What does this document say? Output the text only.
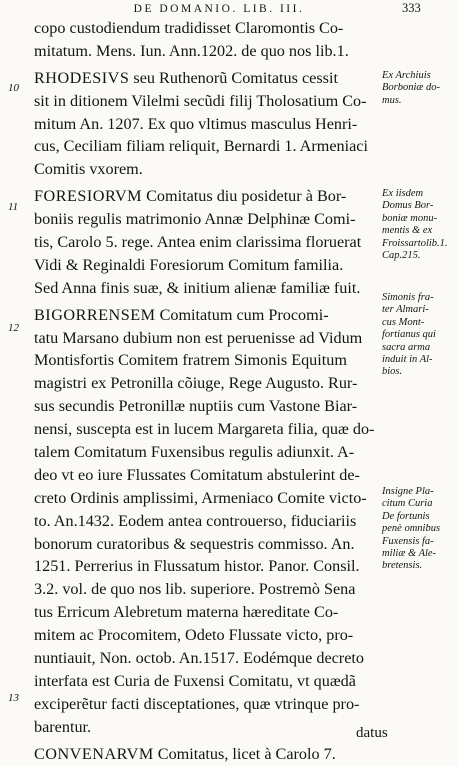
DE DOMANIO. LIB. III.	333
copo custodiendum tradidisset Claromontis Co-
mitatum. Mens. Iun. Ann.1202. de quo nos lib.1.
RHODESIVS seu Ruthenorũ Comitatus cessit
sit in ditionem Vilelmi secũdi filij Tholosatium Co-
mitum An. 1207. Ex quo vltimus masculus Henri-
cus, Ceciliam filiam reliquit, Bernardi 1. Armeniaci
Comitis vxorem.
FORESIORVM Comitatus diu posidetur à Bor-
boniis regulis matrimonio Annæ Delphinæ Comi-
tis, Carolo 5. rege. Antea enim clarissima floruerat
Vidi & Reginaldi Foresiorum Comitum familia.
Sed Anna finis suæ, & initium alienæ familiæ fuit.
BIGORRENSEM Comitatum cum Procomi-
tatu Marsano dubium non est peruenisse ad Vidum
Montisfortis Comitem fratrem Simonis Equitum
magistri ex Petronilla cõiuge, Rege Augusto. Rur-
sus secundis Petronillæ nuptiis cum Vastone Biar-
nensi, suscepta est in lucem Margareta filia, quæ do-
talem Comitatum Fuxensibus regulis adiunxit. A-
deo vt eo iure Flussates Comitatum abstulerint de-
creto Ordinis amplissimi, Armeniaco Comite victo-
to. An.1432. Eodem antea controuerso, fiduciariis
bonorum curatoribus & sequestris commisso. An.
1251. Perrerius in Flussatum histor. Panor. Consil.
3.2. vol. de quo nos lib. superiore. Postremò Sena
tus Erricum Alebretum materna hæreditate Co-
mitem ac Procomitem, Odeto Flussate victo, pro-
nuntiauit, Non. octob. An.1517. Eodémque decreto
interfata est Curia de Fuxensi Comitatu, vt quædã
exciperẽtur facti disceptationes, quæ vtrinque pro-
barentur.
CONVENARVM Comitatus, licet à Carolo 7.
10
11
12
13
Ex Archiuis
Borboniæ do-
mus.
Ex iisdem
Domus Bor-
boniæ monu-
mentis & ex
Froissartolib.1.
Cap.215.
Simonis fra-
ter Almari-
cus Mont-
fortianus qui
sacra arma
induit in Al-
bios.
Insigne Pla-
citum Curia
De fortunis
penè omnibus
Fuxensis fa-
miliæ & Ale-
bretensis.
datus
